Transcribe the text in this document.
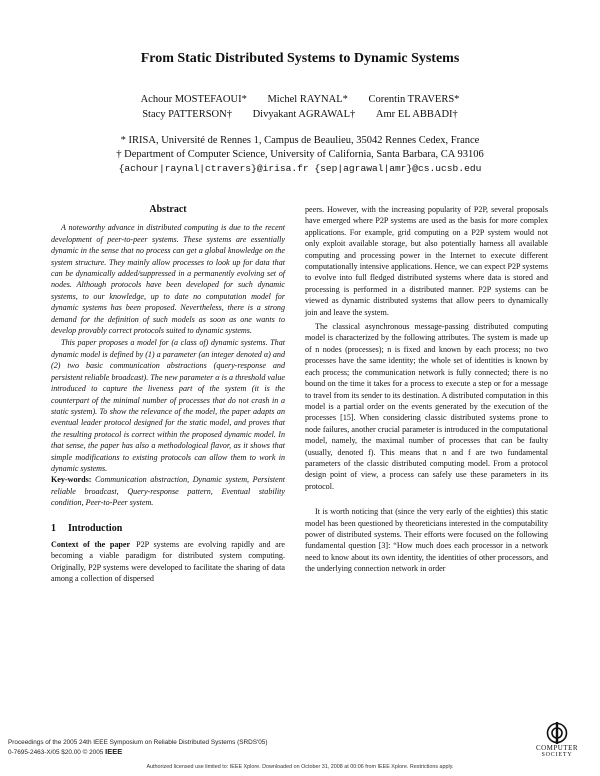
From Static Distributed Systems to Dynamic Systems
Achour MOSTEFAOUI* Michel RAYNAL* Corentin TRAVERS*
Stacy PATTERSON† Divyakant AGRAWAL† Amr EL ABBADI†
* IRISA, Université de Rennes 1, Campus de Beaulieu, 35042 Rennes Cedex, France
† Department of Computer Science, University of California, Santa Barbara, CA 93106
{achour|raynal|ctravers}@irisa.fr {sep|agrawal|amr}@cs.ucsb.edu
Abstract

A noteworthy advance in distributed computing is due to the recent development of peer-to-peer systems. These systems are essentially dynamic in the sense that no process can get a global knowledge on the system structure. They mainly allow processes to look up for data that can be dynamically added/suppressed in a permanently evolving set of nodes. Although protocols have been developed for such dynamic systems, to our knowledge, up to date no computation model for dynamic systems has been proposed. Nevertheless, there is a strong demand for the definition of such models as soon as one wants to develop provably correct protocols suited to dynamic systems.

This paper proposes a model for (a class of) dynamic systems. That dynamic model is defined by (1) a parameter (an integer denoted α) and (2) two basic communication abstractions (query-response and persistent reliable broadcast). The new parameter α is a threshold value introduced to capture the liveness part of the system (it is the counterpart of the minimal number of processes that do not crash in a static system). To show the relevance of the model, the paper adapts an eventual leader protocol designed for the static model, and proves that the resulting protocol is correct within the proposed dynamic model. In that sense, the paper has also a methodological flavor, as it shows that simple modifications to existing protocols can allow them to work in dynamic systems.

Key-words: Communication abstraction, Dynamic system, Persistent reliable broadcast, Query-response pattern, Eventual stability condition, Peer-to-Peer system.
1 Introduction

Context of the paper P2P systems are evolving rapidly and are becoming a viable paradigm for distributed system computing. Originally, P2P systems were developed to facilitate the sharing of data among a collection of dispersed

peers. However, with the increasing popularity of P2P, several proposals have emerged where P2P systems are used as the basis for more complex applications. For example, grid computing on a P2P system would not only exploit available storage, but also potentially harness all available computing and processing power in the Internet to execute different computationally intensive applications. Hence, we can expect P2P systems to evolve into full fledged distributed systems where data is stored and processing is performed in a distributed manner. P2P systems can be viewed as dynamic distributed systems that allow peers to dynamically join and leave the system.

The classical asynchronous message-passing distributed computing model is characterized by the following attributes. The system is made up of n nodes (processes); n is fixed and known by each process; no two processes have the same identity; the whole set of identities is known by each process; the communication network is fully connected; there is no bound on the time it takes for a process to execute a step or for a message to travel from its sender to its destination. A distributed computation in this model is a partial order on the events generated by the execution of the processes [15]. When considering classic distributed systems prone to node failures, another crucial parameter is introduced in the computational model, namely, the maximal number of processes that can be faulty (usually, denoted f). This means that n and f are two fundamental parameters of the classic distributed computing model. From a protocol design point of view, a process can safely use these parameters in its protocol.

It is worth noticing that (since the very early of the eighties) this static model has been questioned by theoreticians interested in the computability power of distributed systems. Their efforts were focused on the following fundamental question [3]: “How much does each processor in a network need to know about its own identity, the identities of other processors, and the underlying connection network in order

Proceedings of the 2005 24th IEEE Symposium on Reliable Distributed Systems (SRDS'05)
0-7695-2463-X/05 $20.00 © 2005 IEEE	COMPUTER
SOCIETY
Authorized licensed use limited to: IEEE Xplore. Downloaded on October 31, 2008 at 00:06 from IEEE Xplore. Restrictions apply.
